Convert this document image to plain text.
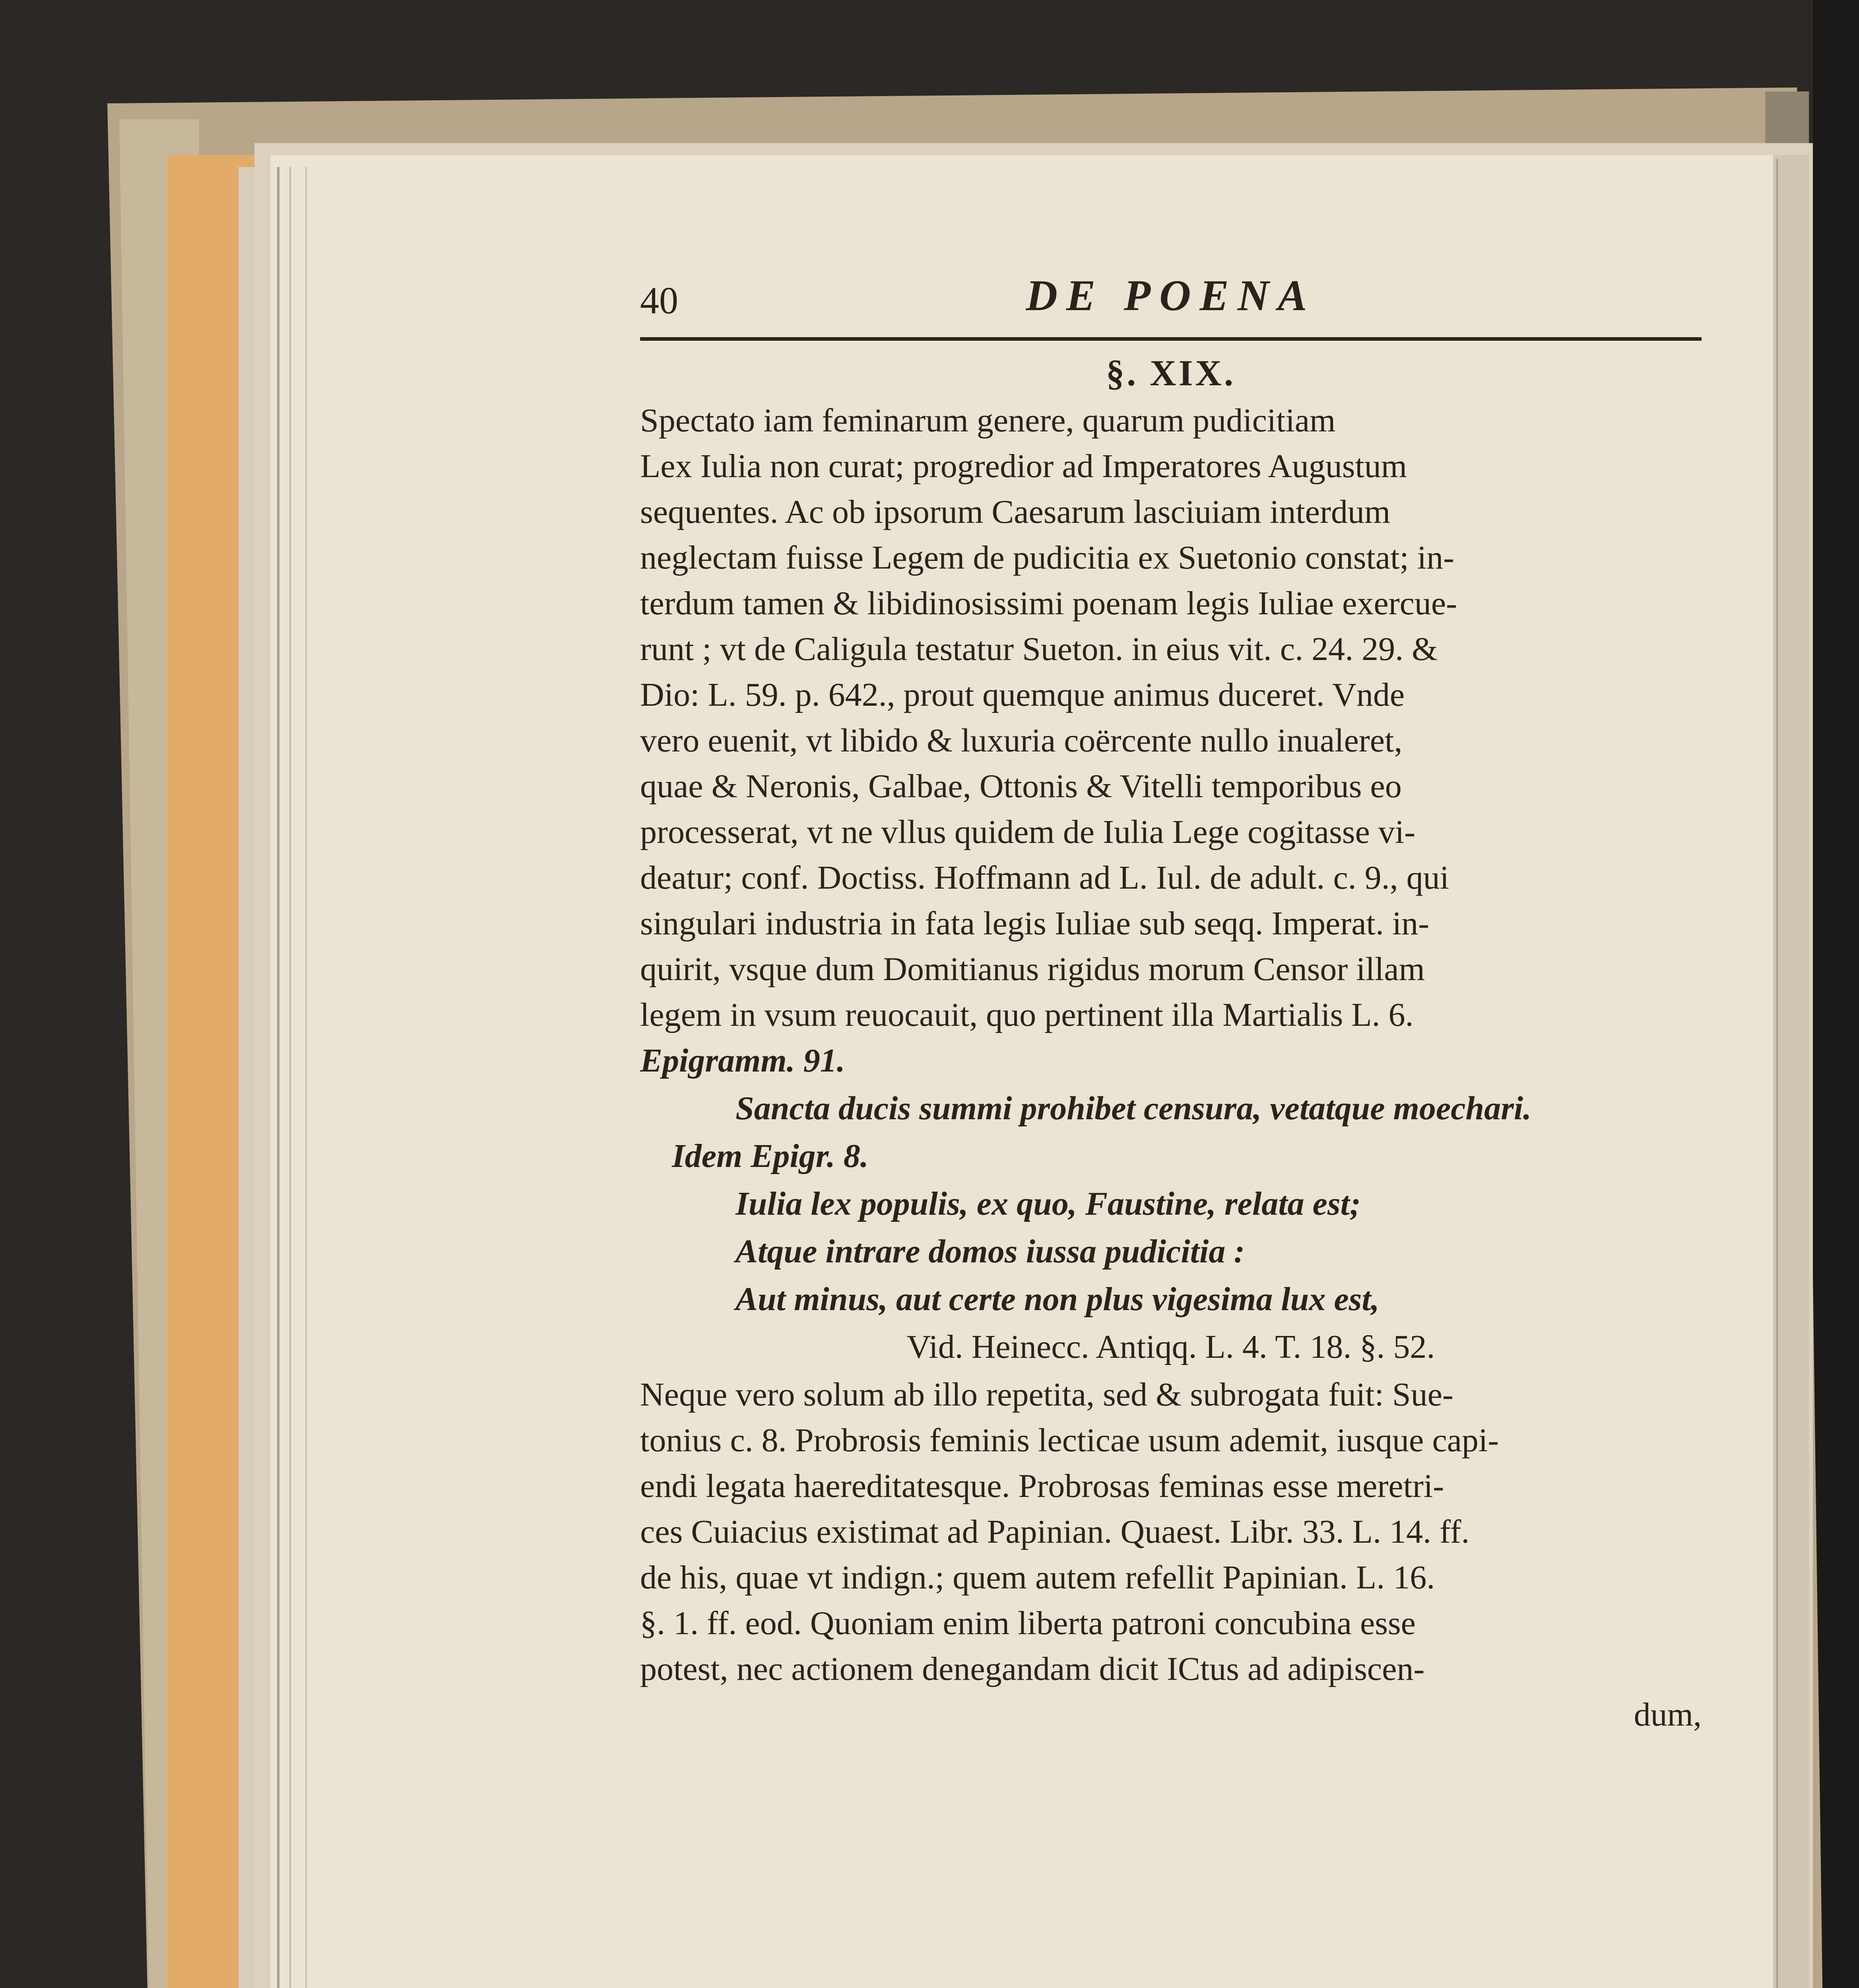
40	DE POENA
§. XIX.
Spectato iam feminarum genere, quarum pudicitiam
Lex Iulia non curat; progredior ad Imperatores Augustum
sequentes. Ac ob ipsorum Caesarum lasciuiam interdum
neglectam fuisse Legem de pudicitia ex Suetonio constat; in-
terdum tamen & libidinosissimi poenam legis Iuliae exercue-
runt ; vt de Caligula testatur Sueton. in eius vit. c. 24. 29. &
Dio: L. 59. p. 642., prout quemque animus duceret. Vnde
vero euenit, vt libido & luxuria coërcente nullo inualeret,
quae & Neronis, Galbae, Ottonis & Vitelli temporibus eo
processerat, vt ne vllus quidem de Iulia Lege cogitasse vi-
deatur; conf. Doctiss. Hoffmann ad L. Iul. de adult. c. 9., qui
singulari industria in fata legis Iuliae sub seqq. Imperat. in-
quirit, vsque dum Domitianus rigidus morum Censor illam
legem in vsum reuocauit, quo pertinent illa Martialis L. 6.
Epigramm. 91.
Sancta ducis summi prohibet censura, vetatque moechari.
Idem Epigr. 8.
Iulia lex populis, ex quo, Faustine, relata est;
Atque intrare domos iussa pudicitia :
Aut minus, aut certe non plus vigesima lux est,
Vid. Heinecc. Antiqq. L. 4. T. 18. §. 52.
Neque vero solum ab illo repetita, sed & subrogata fuit: Sue-
tonius c. 8. Probrosis feminis lecticae usum ademit, iusque capi-
endi legata haereditatesque. Probrosas feminas esse meretri-
ces Cuiacius existimat ad Papinian. Quaest. Libr. 33. L. 14. ff.
de his, quae vt indign.; quem autem refellit Papinian. L. 16.
§. 1. ff. eod. Quoniam enim liberta patroni concubina esse
potest, nec actionem denegandam dicit ICtus ad adipiscen-
dum,
